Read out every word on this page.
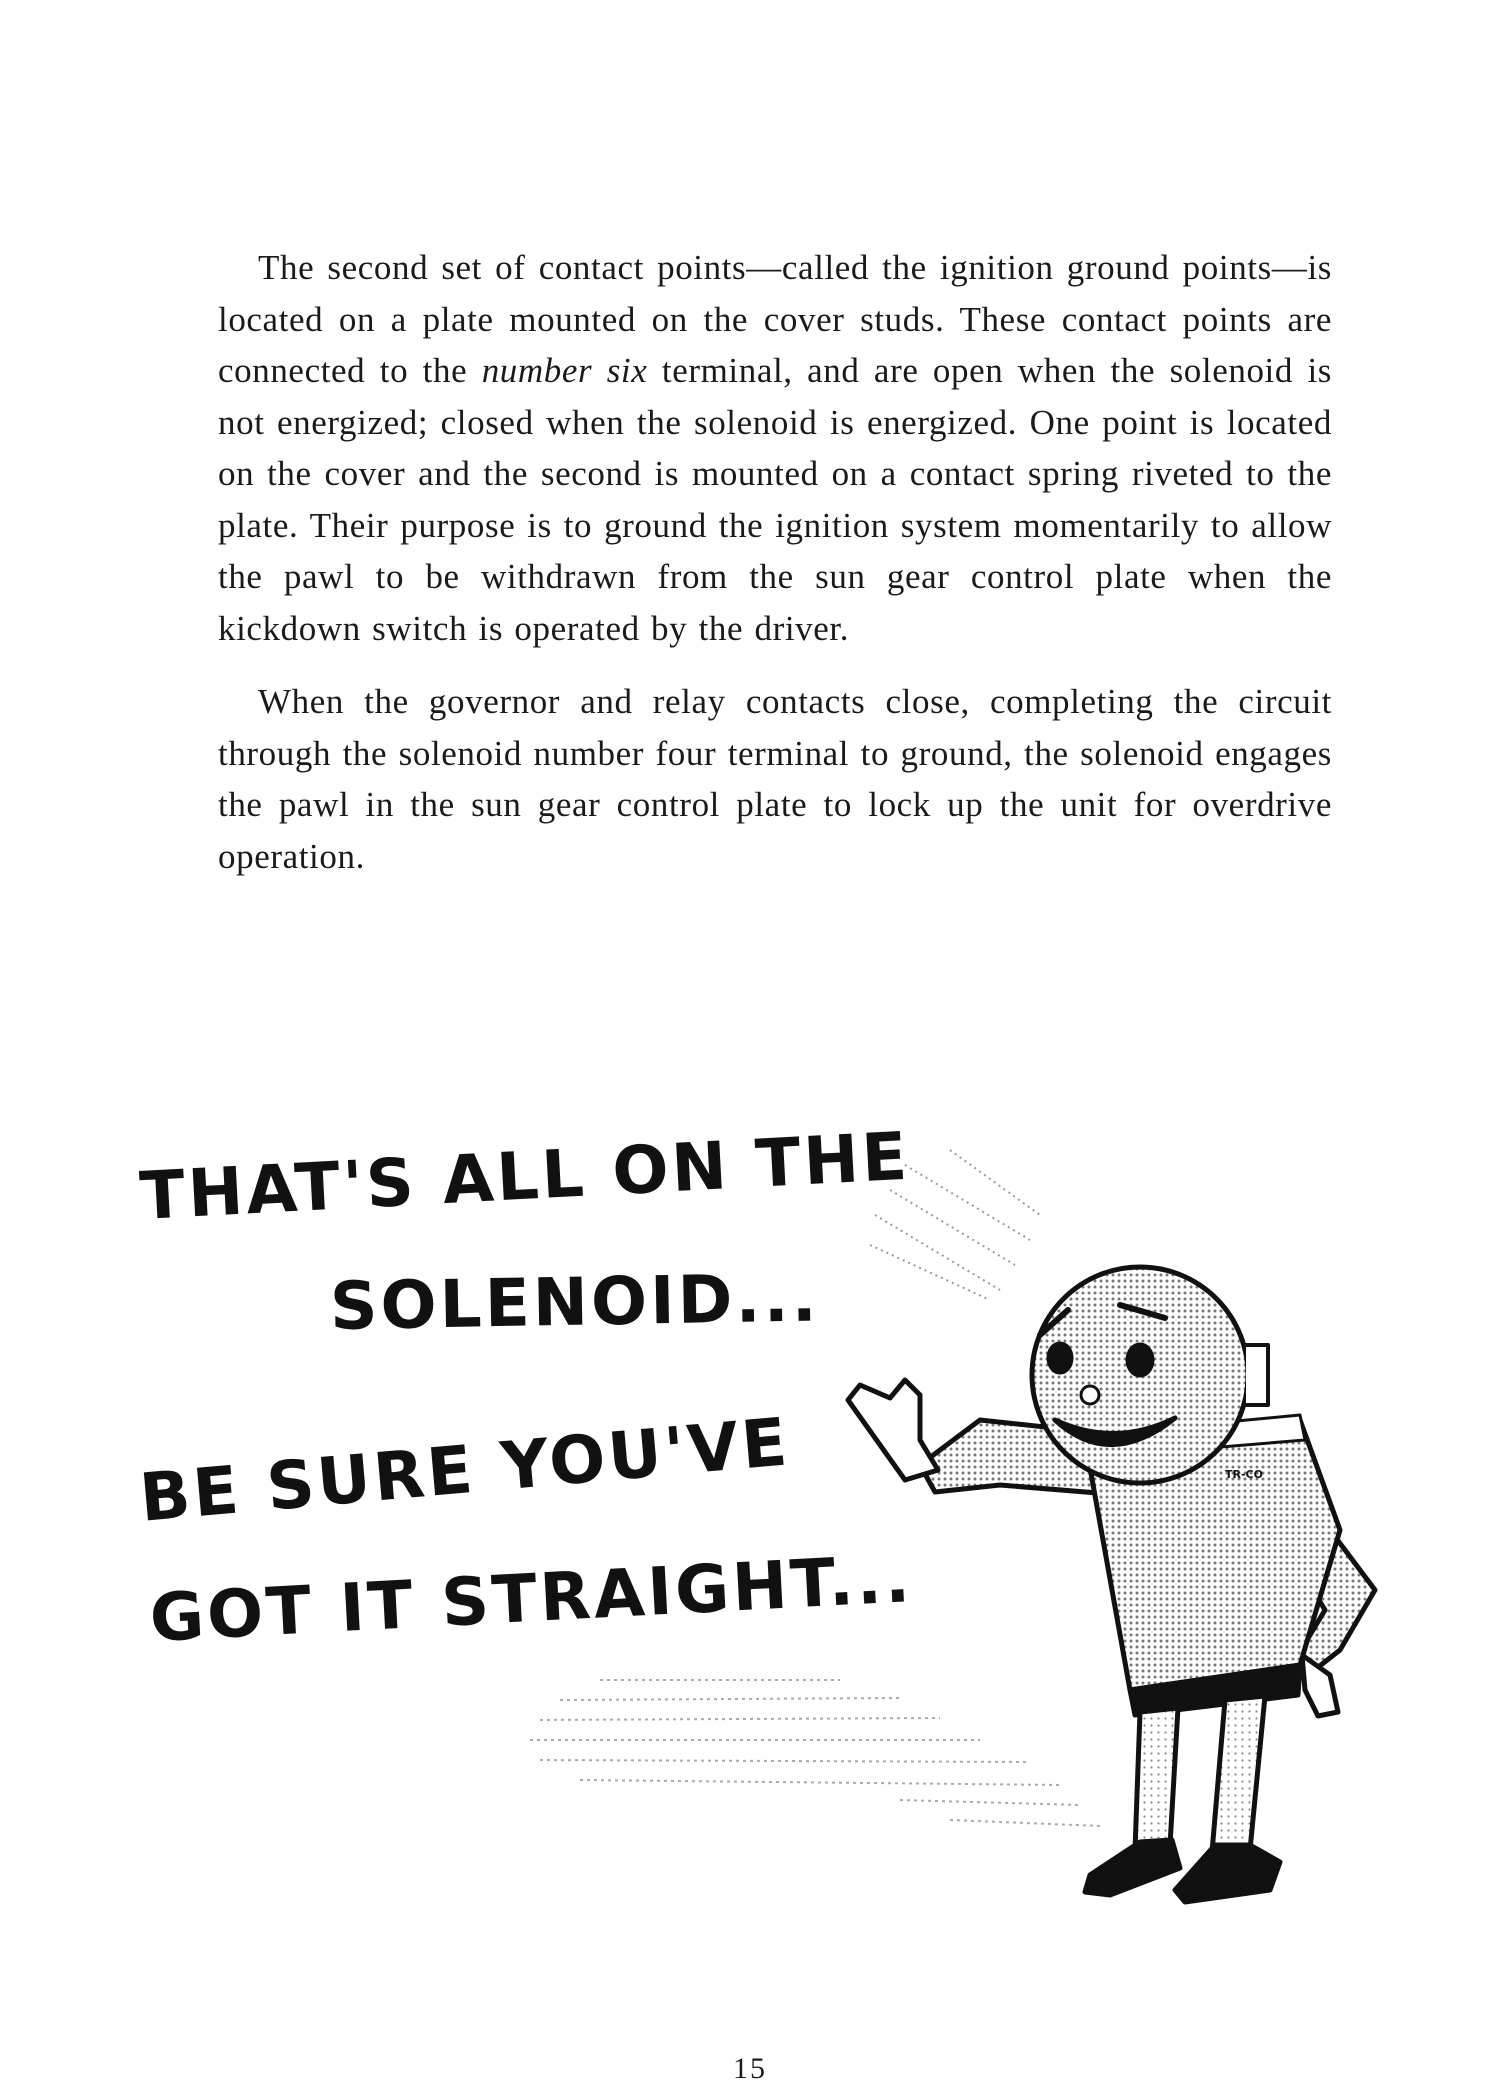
The second set of contact points—called the ignition ground points—is located on a plate mounted on the cover studs. These contact points are connected to the number six terminal, and are open when the solenoid is not energized; closed when the solenoid is energized. One point is located on the cover and the second is mounted on a contact spring riveted to the plate. Their purpose is to ground the ignition system momentarily to allow the pawl to be withdrawn from the sun gear control plate when the kickdown switch is operated by the driver.

When the governor and relay contacts close, completing the circuit through the solenoid number four terminal to ground, the solenoid engages the pawl in the sun gear control plate to lock up the unit for overdrive operation.

THAT'S ALL ON THE
SOLENOID...
BE SURE YOU'VE
GOT IT STRAIGHT...
TR-CO
15
